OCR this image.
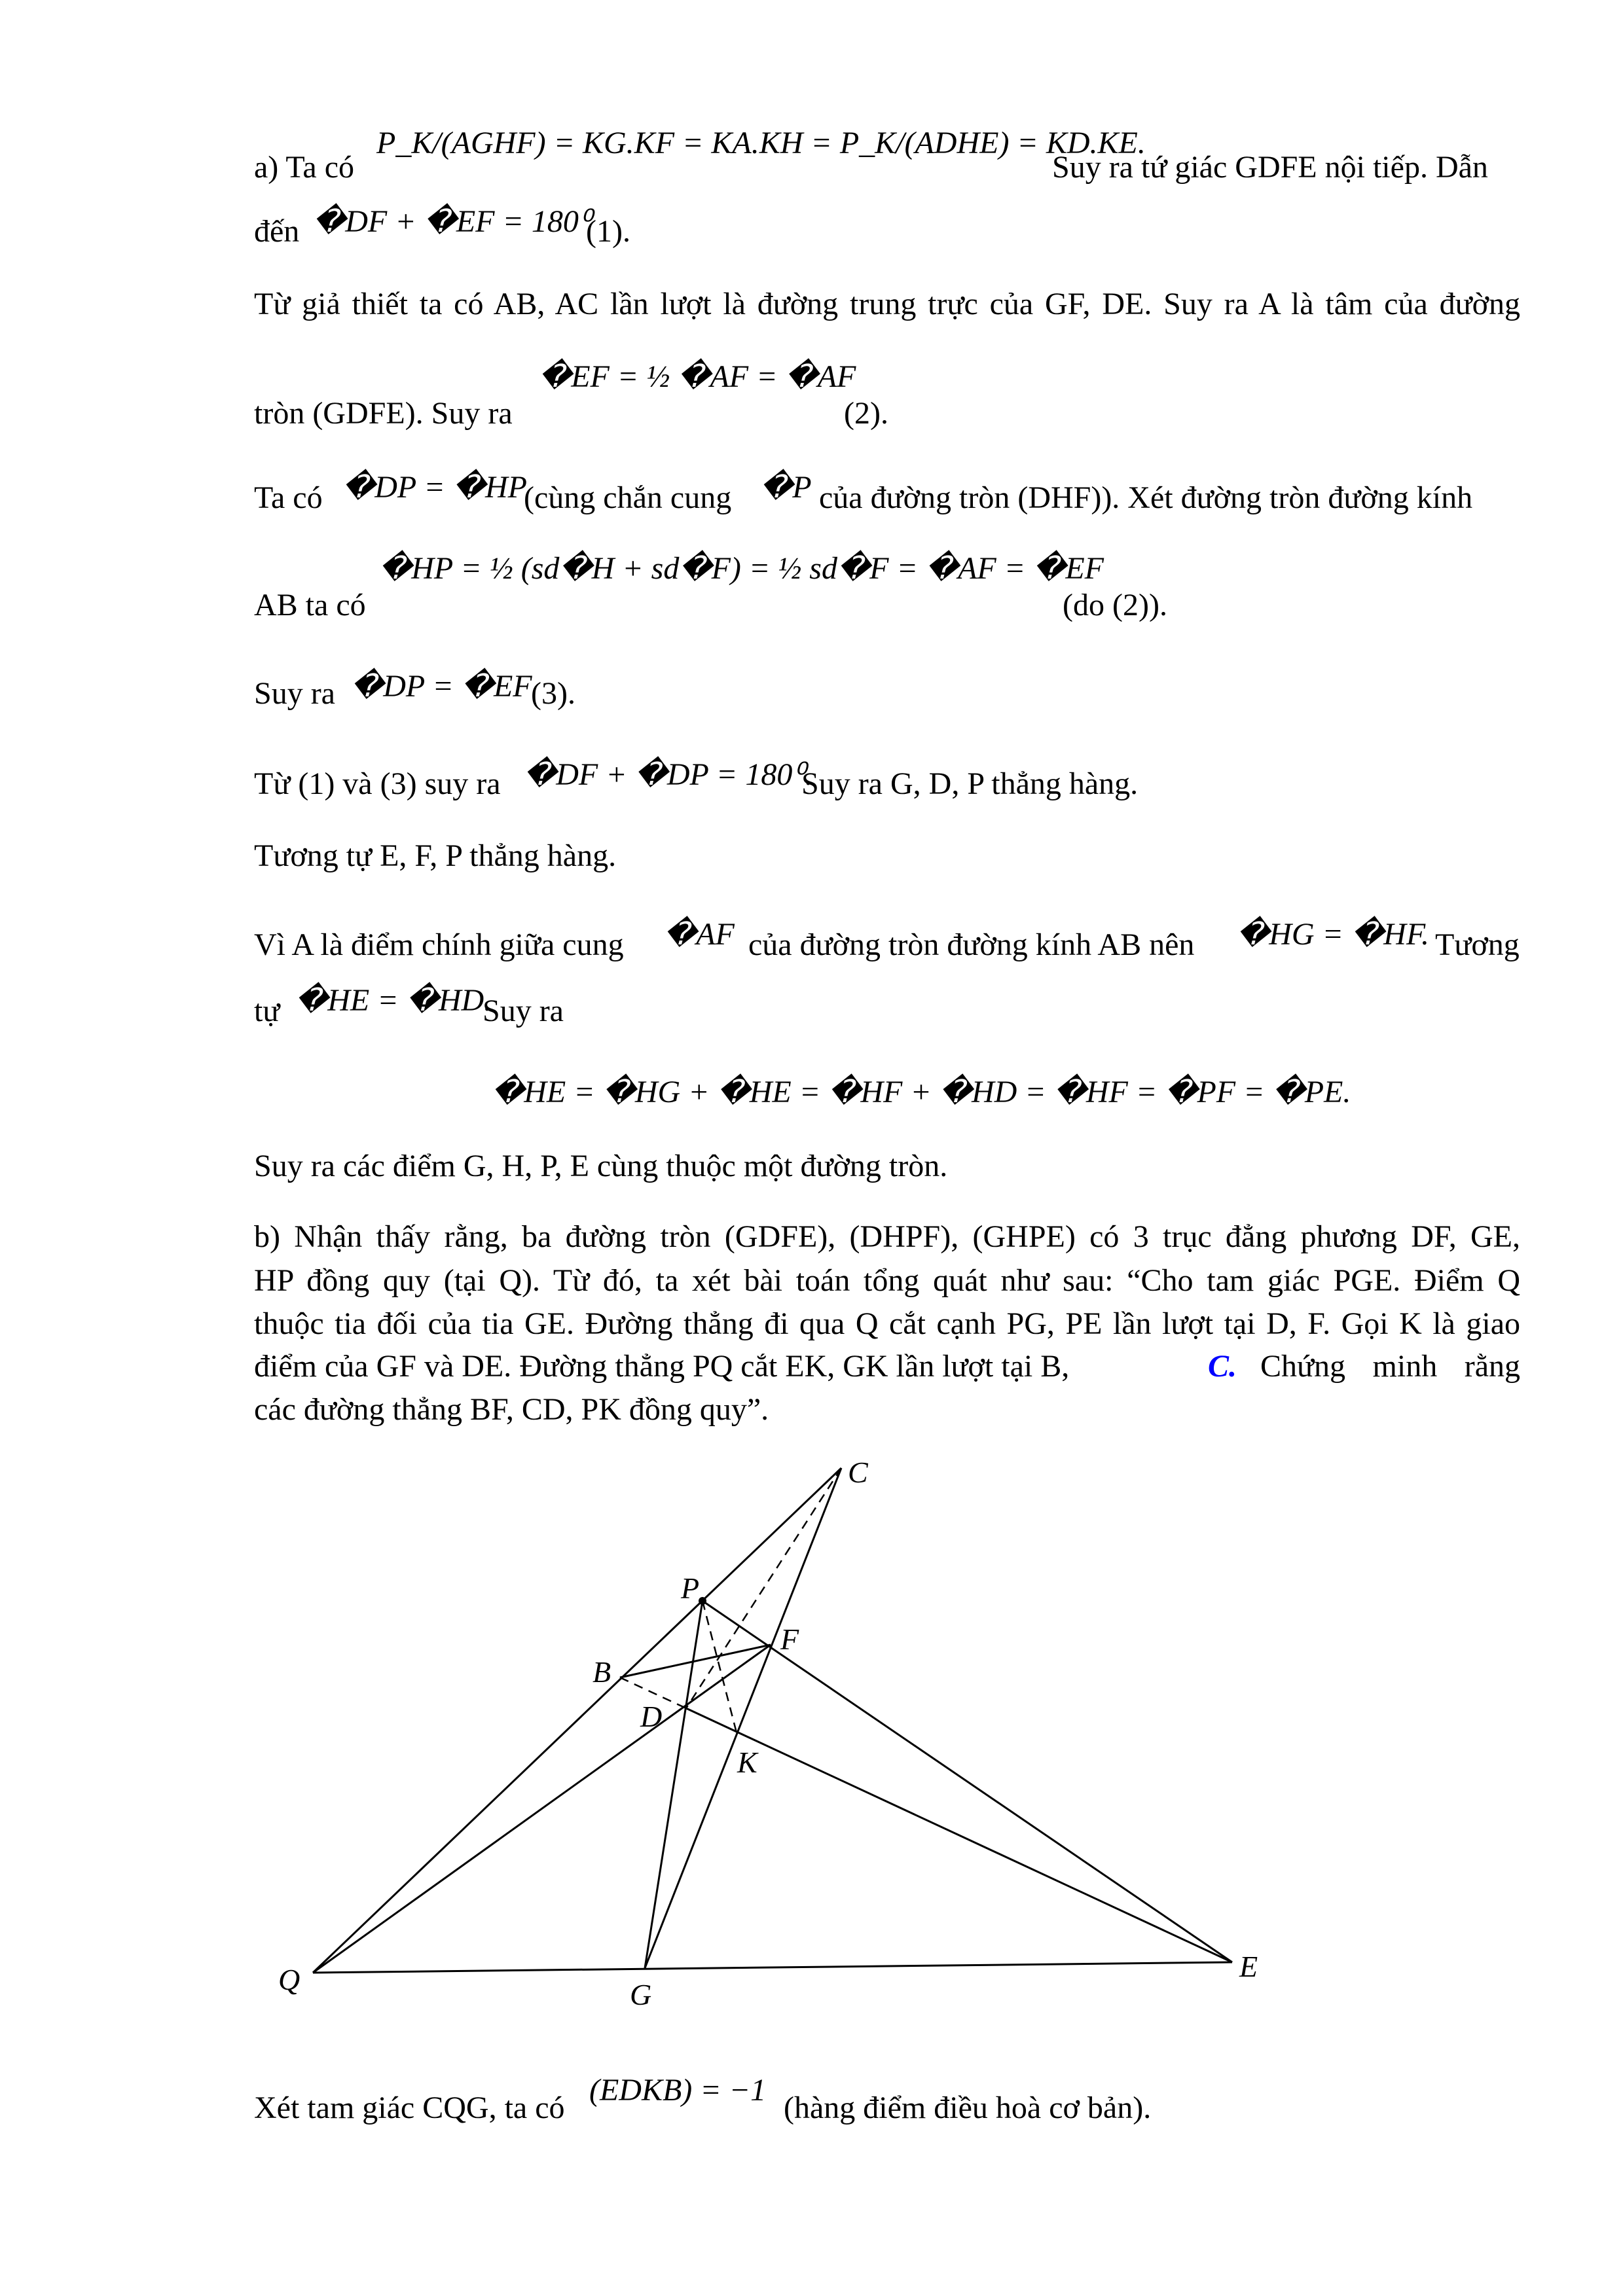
a) Ta có
P_K/(AGHF) = KG.KF = KA.KH = P_K/(ADHE) = KD.KE.
Suy ra tứ giác GDFE nội tiếp. Dẫn
đến �DF + �EF = 180⁰
(1).
Từ giả thiết ta có AB, AC lần lượt là đường trung trực của GF, DE. Suy ra A là tâm của đường
tròn (GDFE). Suy ra
�EF = ½ �AF = �AF
(2).
Ta có �DP = �HP
(cùng chắn cung �P của đường tròn (DHF)). Xét đường tròn đường kính
AB ta có
�HP = ½ (sd�H + sd�F) = ½ sd�F = �AF = �EF
(do (2)).
Suy ra �DP = �EF
(3).
Từ (1) và (3) suy ra �DF + �DP = 180⁰.
Suy ra G, D, P thẳng hàng.
Tương tự E, F, P thẳng hàng.
Vì A là điểm chính giữa cung �AF của đường tròn đường kính AB nên �HG = �HF. Tương
tự �HE = �HD.
Suy ra
�HE = �HG + �HE = �HF + �HD = �HF = �PF = �PE.
Suy ra các điểm G, H, P, E cùng thuộc một đường tròn.
b) Nhận thấy rằng, ba đường tròn (GDFE), (DHPF), (GHPE) có 3 trục đẳng phương DF, GE,
HP đồng quy (tại Q). Từ đó, ta xét bài toán tổng quát như sau: “Cho tam giác PGE. Điểm Q
thuộc tia đối của tia GE. Đường thẳng đi qua Q cắt cạnh PG, PE lần lượt tại D, F. Gọi K là giao
điểm của GF và DE. Đường thẳng PQ cắt EK, GK lần lượt tại B,	C. Chứng minh rằng
các đường thẳng BF, CD, PK đồng quy”.
C
P
F
B
D
K
Q	G
E
Xét tam giác CQG, ta có
(EDKB) = −1
(hàng điểm điều hoà cơ bản).
